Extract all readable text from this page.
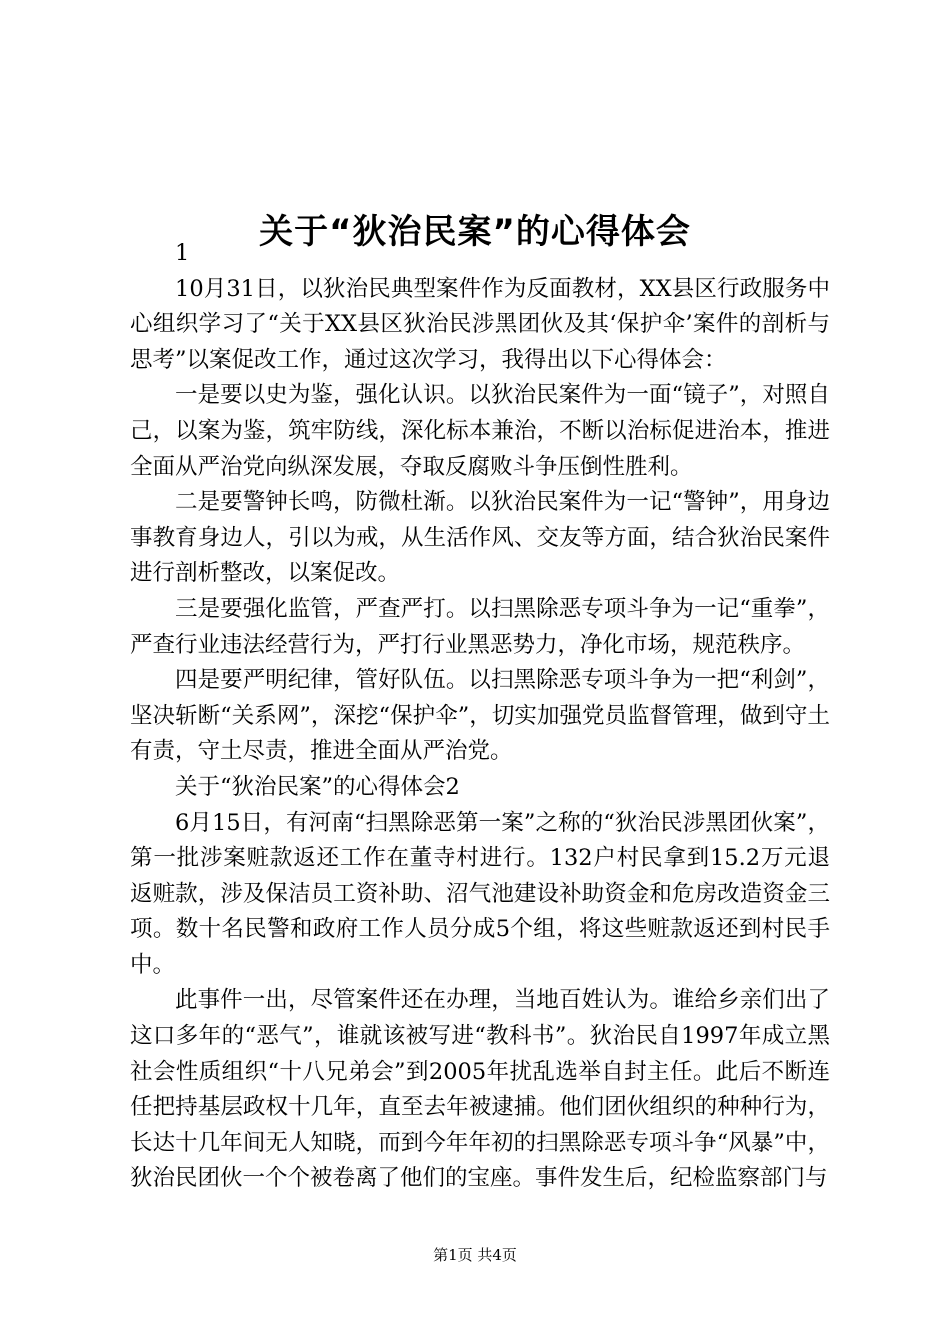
关于“狄治民案”的心得体会

1

10月31日，以狄治民典型案件作为反面教材，XX县区行政服务中心组织学习了“关于XX县区狄治民涉黑团伙及其‘保护伞’案件的剖析与思考”以案促改工作，通过这次学习，我得出以下心得体会：

一是要以史为鉴，强化认识。以狄治民案件为一面“镜子”，对照自己，以案为鉴，筑牢防线，深化标本兼治，不断以治标促进治本，推进全面从严治党向纵深发展，夺取反腐败斗争压倒性胜利。

二是要警钟长鸣，防微杜渐。以狄治民案件为一记“警钟”，用身边事教育身边人，引以为戒，从生活作风、交友等方面，结合狄治民案件进行剖析整改，以案促改。

三是要强化监管，严查严打。以扫黑除恶专项斗争为一记“重拳”，严查行业违法经营行为，严打行业黑恶势力，净化市场，规范秩序。

四是要严明纪律，管好队伍。以扫黑除恶专项斗争为一把“利剑”，坚决斩断“关系网”，深挖“保护伞”，切实加强党员监督管理，做到守土有责，守土尽责，推进全面从严治党。

关于“狄治民案”的心得体会2

6月15日，有河南“扫黑除恶第一案”之称的“狄治民涉黑团伙案”，第一批涉案赃款返还工作在董寺村进行。132户村民拿到15.2万元退返赃款，涉及保洁员工资补助、沼气池建设补助资金和危房改造资金三项。数十名民警和政府工作人员分成5个组，将这些赃款返还到村民手中。

此事件一出，尽管案件还在办理，当地百姓认为。谁给乡亲们出了这口多年的“恶气”，谁就该被写进“教科书”。狄治民自1997年成立黑社会性质组织“十八兄弟会”到2005年扰乱选举自封主任。此后不断连任把持基层政权十几年，直至去年被逮捕。他们团伙组织的种种行为，长达十几年间无人知晓，而到今年年初的扫黑除恶专项斗争“风暴”中，狄治民团伙一个个被卷离了他们的宝座。事件发生后，纪检监察部门与

第1页 共4页
